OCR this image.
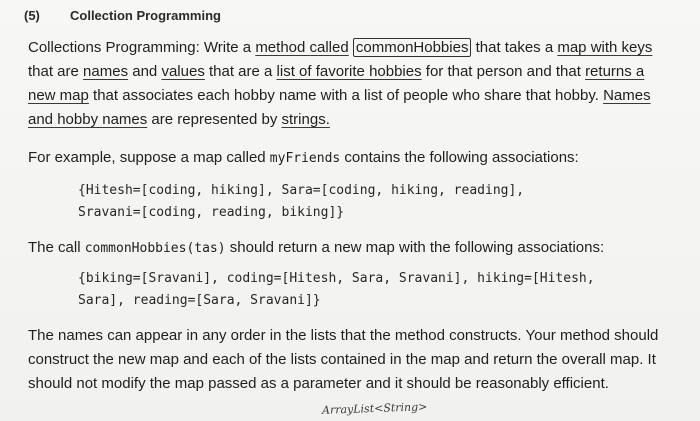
(5) Collection Programming
Collections Programming: Write a method called commonHobbies that takes a map with keys that are names and values that are a list of favorite hobbies for that person and that returns a new map that associates each hobby name with a list of people who share that hobby. Names and hobby names are represented by strings.
For example, suppose a map called myFriends contains the following associations:
{Hitesh=[coding, hiking], Sara=[coding, hiking, reading],
Sravani=[coding, reading, biking]}
The call commonHobbies(tas) should return a new map with the following associations:
{biking=[Sravani], coding=[Hitesh, Sara, Sravani], hiking=[Hitesh,
Sara], reading=[Sara, Sravani]}
The names can appear in any order in the lists that the method constructs. Your method should construct the new map and each of the lists contained in the map and return the overall map. It should not modify the map passed as a parameter and it should be reasonably efficient.
ArrayList<String>
